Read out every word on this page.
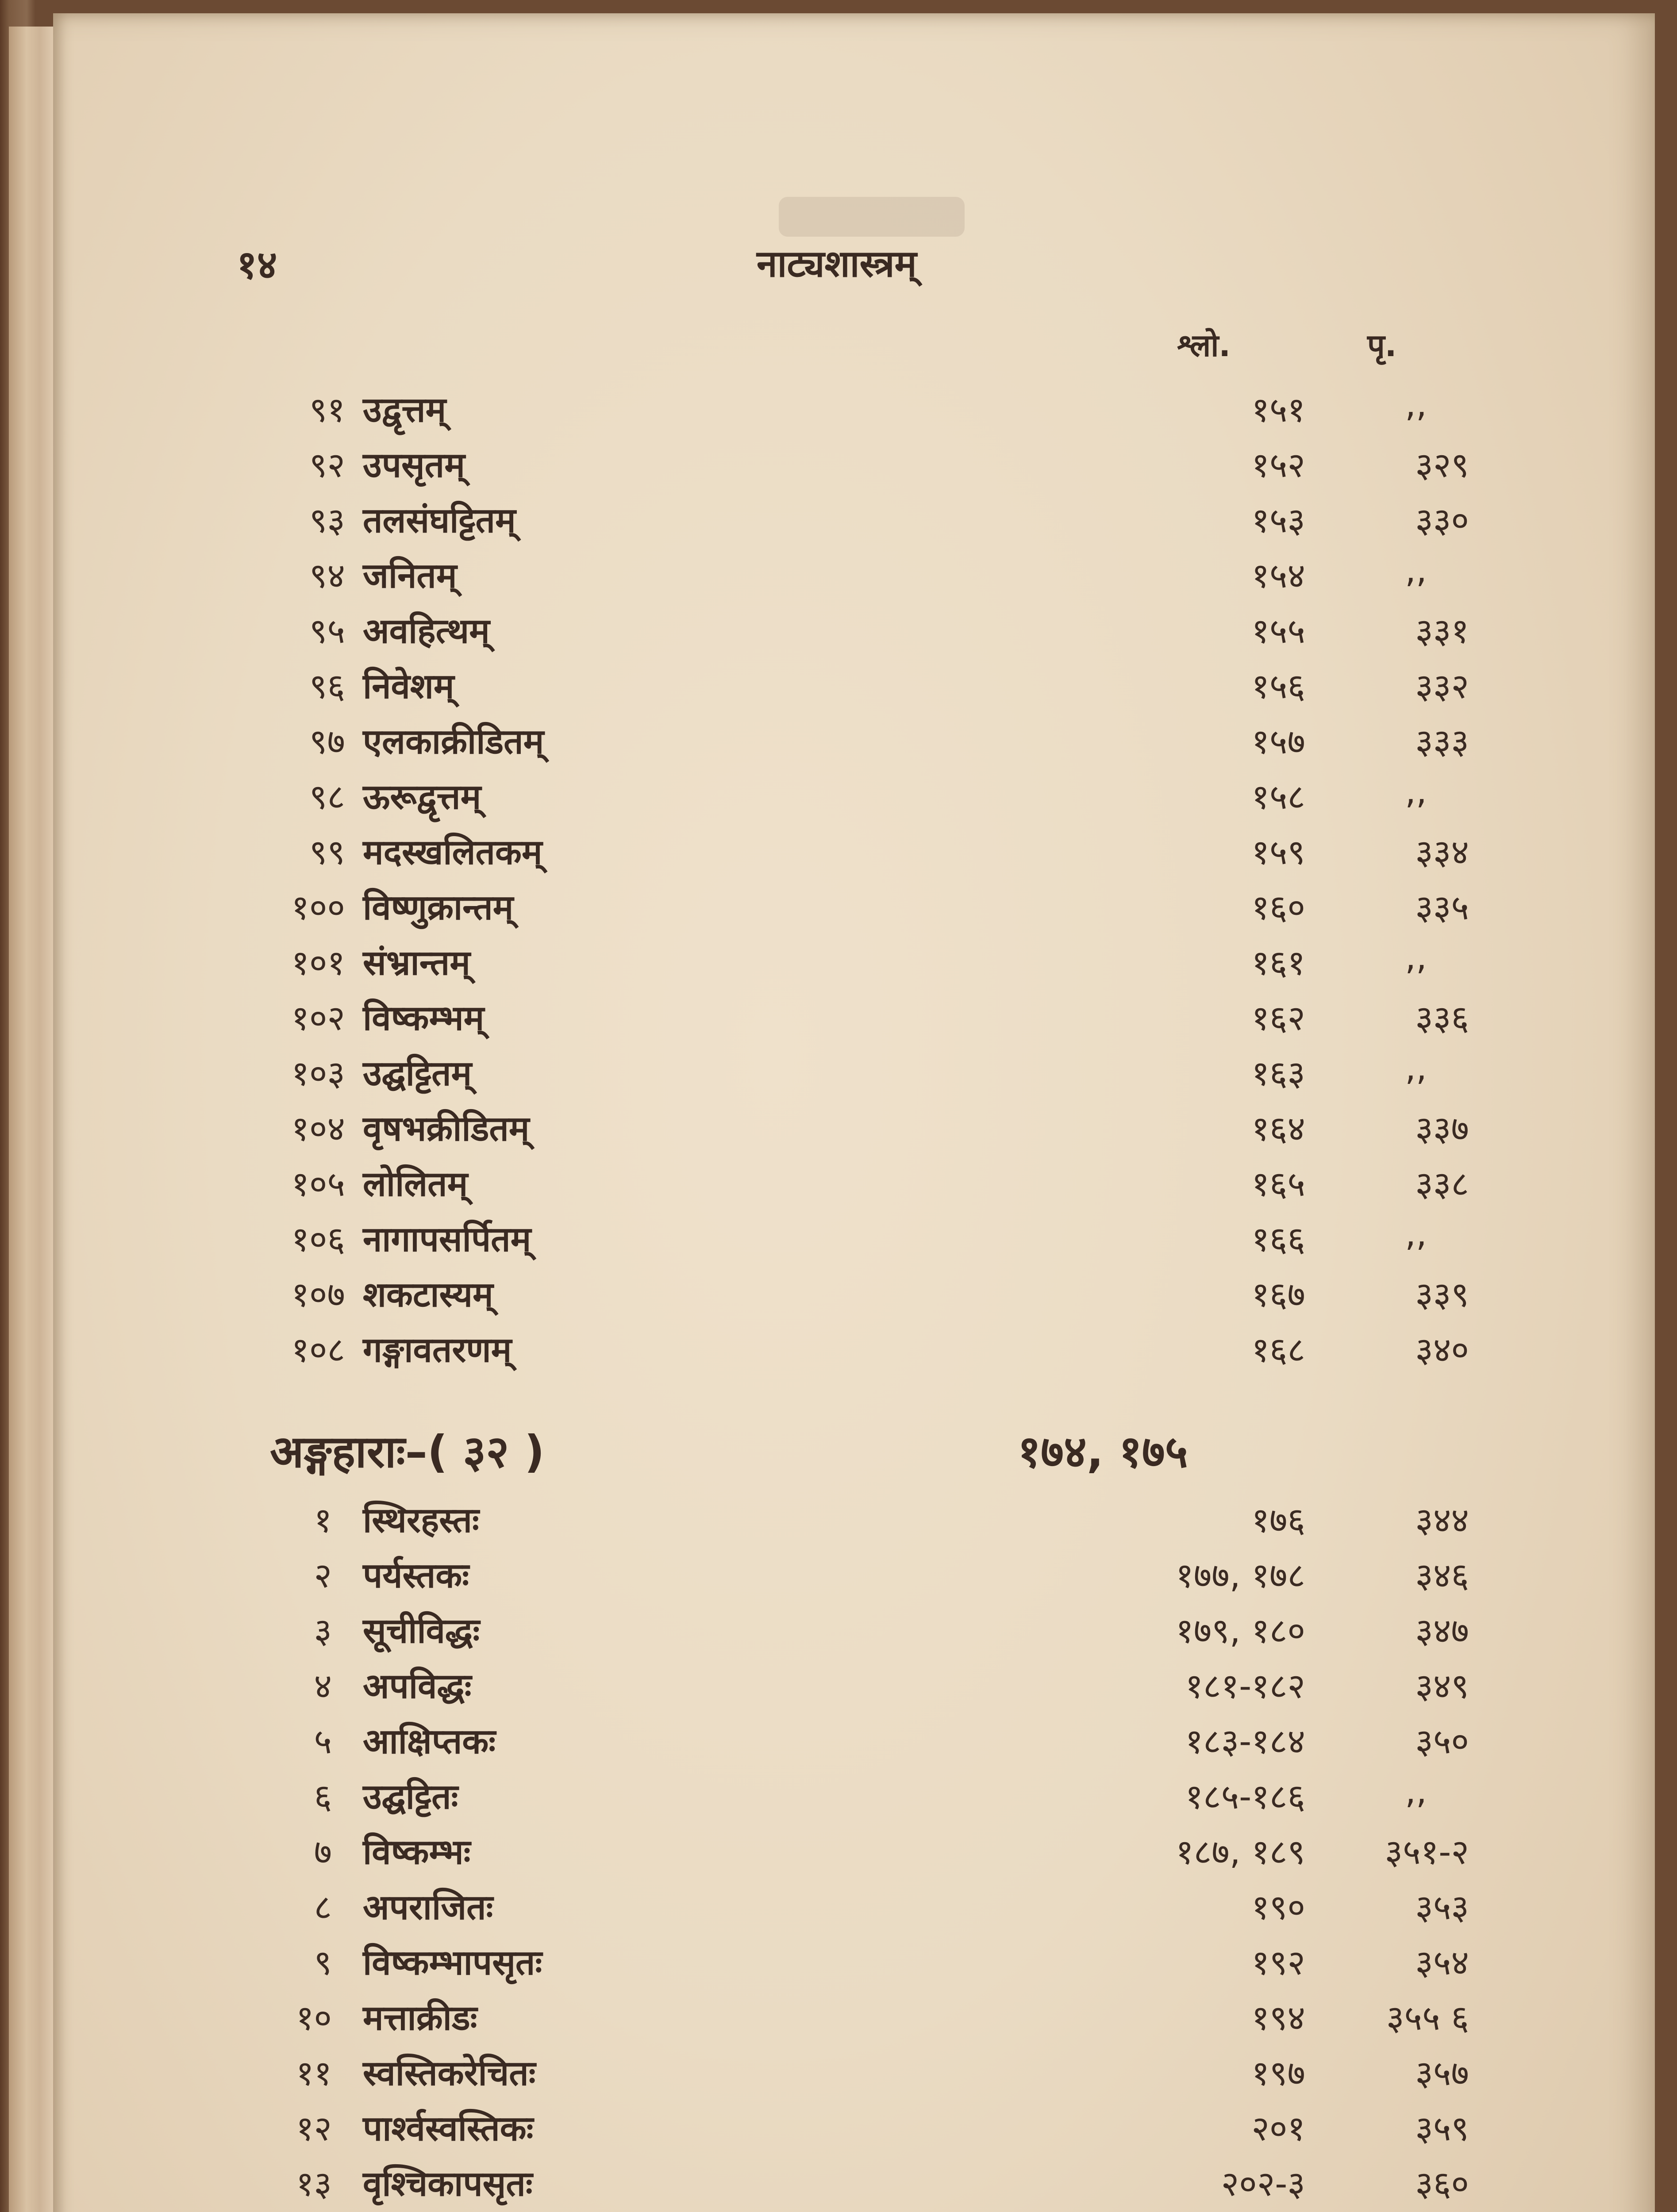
१४	नाट्यशास्त्रम्
श्लो.	पृ.
९१ उद्वृत्तम्	१५१	,,
९२ उपसृतम्	१५२	३२९
९३ तलसंघट्टितम्	१५३	३३०
९४ जनितम्	१५४	,,
९५ अवहित्थम्	१५५	३३१
९६ निवेशम्	१५६	३३२
९७ एलकाक्रीडितम्	१५७	३३३
९८ ऊरूद्वृत्तम्	१५८	,,
९९ मदस्खलितकम्	१५९	३३४
१०० विष्णुक्रान्तम्	१६०	३३५
१०१ संभ्रान्तम्	१६१	,,
१०२ विष्कम्भम्	१६२	३३६
१०३ उद्घट्टितम्	१६३	,,
१०४ वृषभक्रीडितम्	१६४	३३७
१०५ लोलितम्	१६५	३३८
१०६ नागापसर्पितम्	१६६	,,
१०७ शकटास्यम्	१६७	३३९
१०८ गङ्गावतरणम्	१६८	३४०
अङ्गहाराः–( ३२ )	१७४, १७५
१ स्थिरहस्तः	१७६	३४४
२ पर्यस्तकः	१७७, १७८	३४६
३ सूचीविद्धः	१७९, १८०	३४७
४ अपविद्धः	१८१-१८२	३४९
५ आक्षिप्तकः	१८३-१८४	३५०
६ उद्घट्टितः	१८५-१८६	,,
७ विष्कम्भः	१८७, १८९	३५१-२
८ अपराजितः	१९०	३५३
९ विष्कम्भापसृतः	१९२	३५४
१० मत्ताक्रीडः	१९४	३५५ ६
११ स्वस्तिकरेचितः	१९७	३५७
१२ पार्श्वस्वस्तिकः	२०१	३५९
१३ वृश्चिकापसृतः	२०२-३	३६०
